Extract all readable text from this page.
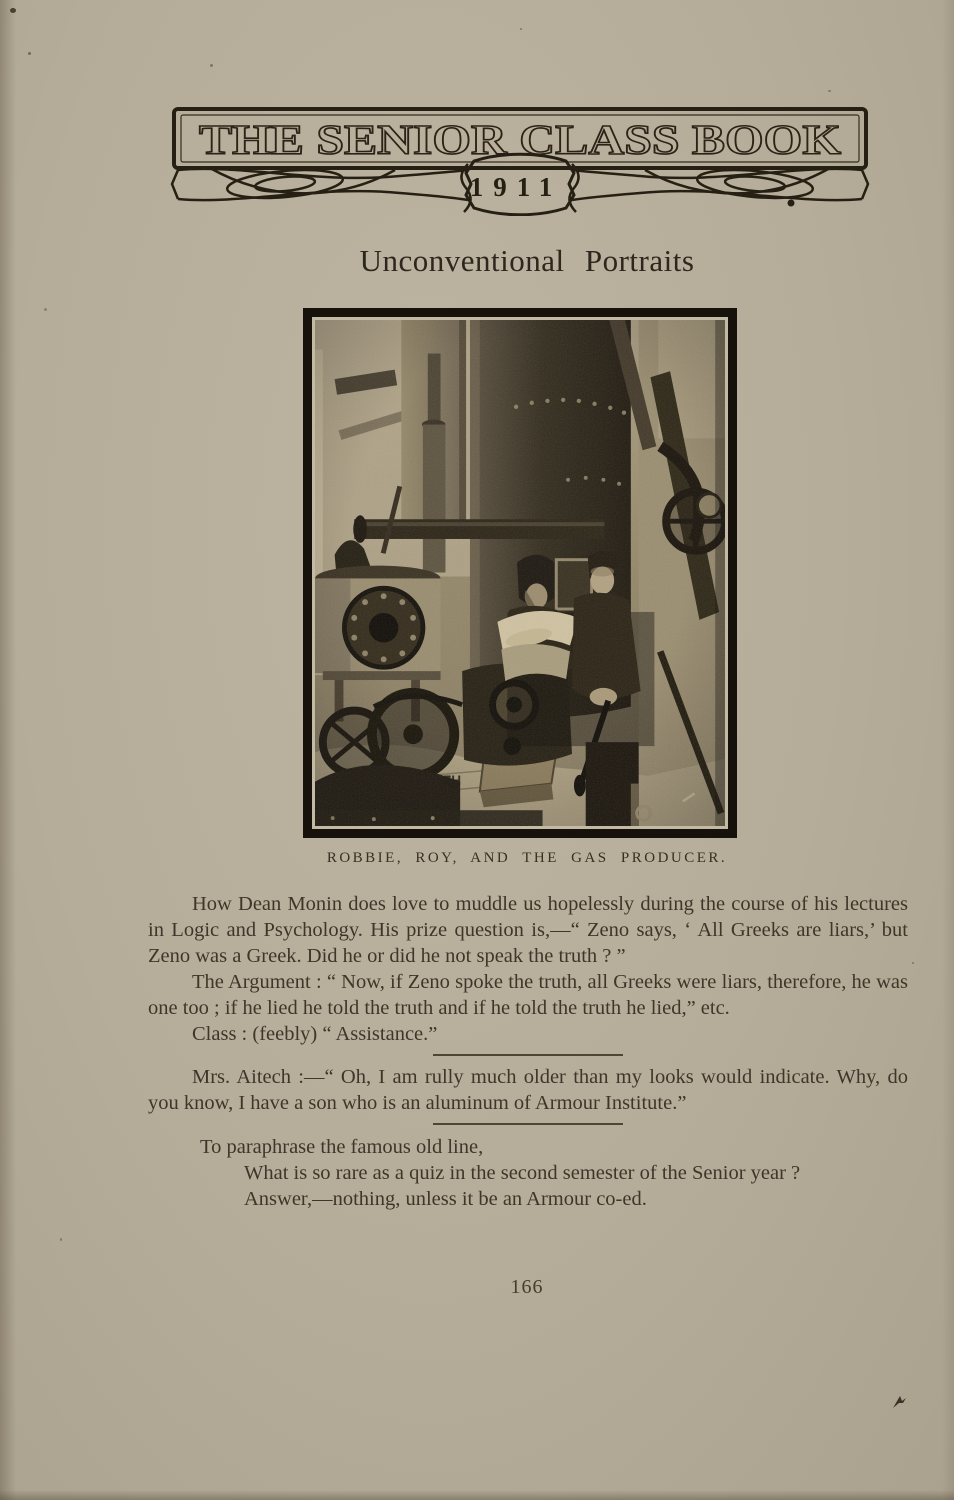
THE SENIOR CLASS BOOK
1911
Unconventional Portraits
ROBBIE, ROY, AND THE GAS PRODUCER.

How Dean Monin does love to muddle us hopelessly during the course of his lectures in Logic and Psychology. His prize question is,—“ Zeno says, ‘ All Greeks are liars,’ but Zeno was a Greek. Did he or did he not speak the truth ? ”

The Argument : “ Now, if Zeno spoke the truth, all Greeks were liars, therefore, he was one too ; if he lied he told the truth and if he told the truth he lied,” etc.

Class : (feebly) “ Assistance.”

Mrs. Aitech :—“ Oh, I am rully much older than my looks would indicate. Why, do you know, I have a son who is an aluminum of Armour Institute.”

To paraphrase the famous old line,
What is so rare as a quiz in the second semester of the Senior year ?
Answer,—nothing, unless it be an Armour co-ed.
166
